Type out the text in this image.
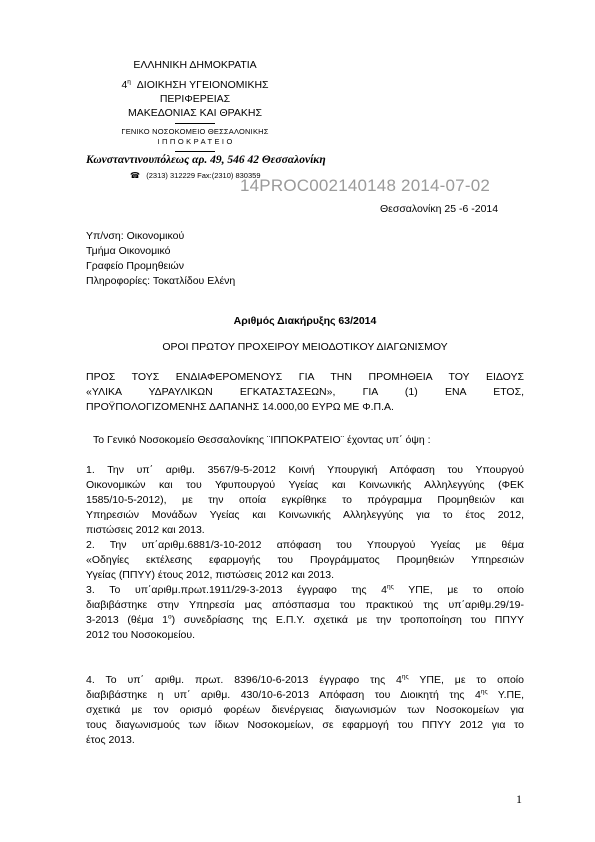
ΕΛΛΗΝΙΚΗ ΔΗΜΟΚΡΑΤΙΑ
$4^\eta$ ΔΙΟΙΚΗΣΗ ΥΓΕΙΟΝΟΜΙΚΗΣ
ΠΕΡΙΦΕΡΕΙΑΣ
ΜΑΚΕΔΟΝΙΑΣ ΚΑΙ ΘΡΑΚΗΣ
ΓΕΝΙΚΟ ΝΟΣΟΚΟΜΕΙΟ ΘΕΣΣΑΛΟΝΙΚΗΣ
Ι Π Π Ο Κ Ρ Α Τ Ε Ι Ο
Κωνσταντινουπόλεως αρ. 49, 546 42 Θεσσαλονίκη
☎ (2313) 312229 Fax:(2310) 830359
14PROC002140148 2014-07-02
Θεσσαλονίκη 25 -6 -2014
Υπ/νση: Οικονομικού
Τμήμα Οικονομικό
Γραφείο Προμηθειών
Πληροφορίες: Τοκατλίδου Ελένη
Αριθμός Διακήρυξης 63/2014
ΟΡΟΙ ΠΡΩΤΟΥ ΠΡΟΧΕΙΡΟΥ ΜΕΙΟΔΟΤΙΚΟΥ ΔΙΑΓΩΝΙΣΜΟΥ
ΠΡΟΣ ΤΟΥΣ ΕΝΔΙΑΦΕΡΟΜΕΝΟΥΣ ΓΙΑ ΤΗΝ ΠΡΟΜΗΘΕΙΑ ΤΟΥ ΕΙΔΟΥΣ
«ΥΛΙΚΑ ΥΔΡΑΥΛΙΚΩΝ ΕΓΚΑΤΑΣΤΑΣΕΩΝ», ΓΙΑ (1) ΕΝΑ ΕΤΟΣ,
ΠΡΟΫΠΟΛΟΓΙΖΟΜΕΝΗΣ ΔΑΠΑΝΗΣ 14.000,00 ΕΥΡΩ ΜΕ Φ.Π.Α.
Το Γενικό Νοσοκομείο Θεσσαλονίκης ¨ΙΠΠΟΚΡΑΤΕΙΟ¨ έχοντας υπ΄ όψη :
1. Την υπ΄ αριθμ. 3567/9-5-2012 Κοινή Υπουργική Απόφαση του Υπουργού
Οικονομικών και του Υφυπουργού Υγείας και Κοινωνικής Αλληλεγγύης (ΦΕΚ
1585/10-5-2012), με την οποία εγκρίθηκε το πρόγραμμα Προμηθειών και
Υπηρεσιών Μονάδων Υγείας και Κοινωνικής Αλληλεγγύης για το έτος 2012,
πιστώσεις 2012 και 2013.
2. Την υπ΄αριθμ.6881/3-10-2012 απόφαση του Υπουργού Υγείας με θέμα
«Οδηγίες εκτέλεσης εφαρμογής του Προγράμματος Προμηθειών Υπηρεσιών
Υγείας (ΠΠΥΥ) έτους 2012, πιστώσεις 2012 και 2013.
3. Το υπ΄αριθμ.πρωτ.1911/29-3-2013 έγγραφο της $4^{\eta\varsigma}$ ΥΠΕ, με το οποίο
διαβιβάστηκε στην Υπηρεσία μας απόσπασμα του πρακτικού της υπ΄αριθμ.29/19-
3-2013 (θέμα $1^o$) συνεδρίασης της Ε.Π.Υ. σχετικά με την τροποποίηση του ΠΠΥΥ
2012 του Νοσοκομείου.
4. Το υπ΄ αριθμ. πρωτ. 8396/10-6-2013 έγγραφο της $4^{\eta\varsigma}$ ΥΠΕ, με το οποίο
διαβιβάστηκε η υπ΄ αριθμ. 430/10-6-2013 Απόφαση του Διοικητή της $4^{\eta\varsigma}$ Υ.ΠΕ,
σχετικά με τον ορισμό φορέων διενέργειας διαγωνισμών των Νοσοκομείων για
τους διαγωνισμούς των ίδιων Νοσοκομείων, σε εφαρμογή του ΠΠΥΥ 2012 για το
έτος 2013.
1
